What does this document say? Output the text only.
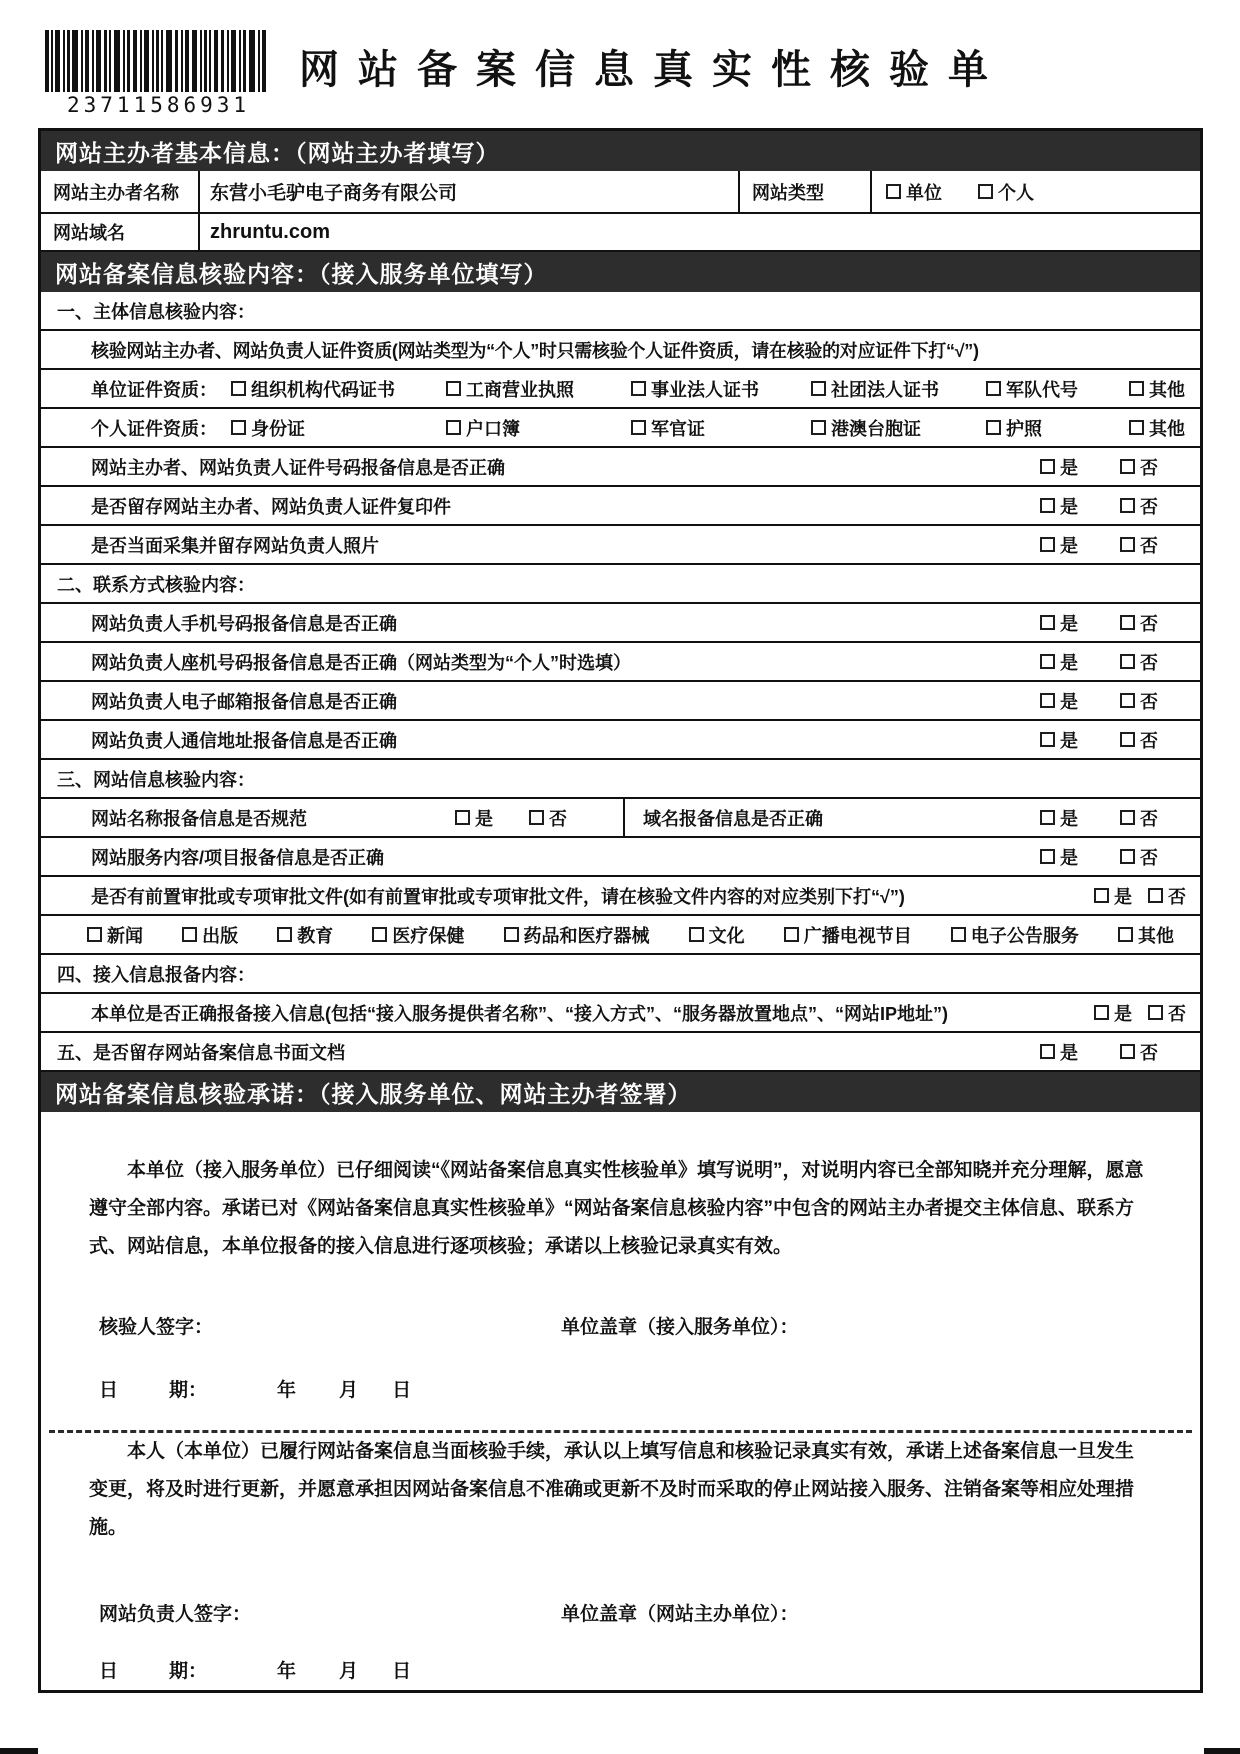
23711586931
网站备案信息真实性核验单
网站主办者基本信息：（网站主办者填写）
网站主办者名称	东营小毛驴电子商务有限公司	网站类型	单位	个人
网站域名	zhruntu.com
网站备案信息核验内容：（接入服务单位填写）
一、主体信息核验内容：
核验网站主办者、网站负责人证件资质(网站类型为“个人”时只需核验个人证件资质，请在核验的对应证件下打“√”)
单位证件资质：	组织机构代码证书	工商营业执照	事业法人证书	社团法人证书	军队代号	其他
个人证件资质：	身份证	户口簿	军官证	港澳台胞证	护照	其他
网站主办者、网站负责人证件号码报备信息是否正确	是	否
是否留存网站主办者、网站负责人证件复印件	是	否
是否当面采集并留存网站负责人照片	是	否
二、联系方式核验内容：
网站负责人手机号码报备信息是否正确	是	否
网站负责人座机号码报备信息是否正确（网站类型为“个人”时选填）	是	否
网站负责人电子邮箱报备信息是否正确	是	否
网站负责人通信地址报备信息是否正确	是	否
三、网站信息核验内容：
网站名称报备信息是否规范	是	否	域名报备信息是否正确	是	否
网站服务内容/项目报备信息是否正确	是	否
是否有前置审批或专项审批文件(如有前置审批或专项审批文件，请在核验文件内容的对应类别下打“√”)	是 否
新闻	出版	教育	医疗保健	药品和医疗器械	文化	广播电视节目	电子公告服务	其他
四、接入信息报备内容：
本单位是否正确报备接入信息(包括“接入服务提供者名称”、“接入方式”、“服务器放置地点”、“网站IP地址”)	是 否
五、是否留存网站备案信息书面文档	是	否
网站备案信息核验承诺：（接入服务单位、网站主办者签署）

本单位（接入服务单位）已仔细阅读“《网站备案信息真实性核验单》填写说明”，对说明内容已全部知晓并充分理解，愿意遵守全部内容。承诺已对《网站备案信息真实性核验单》“网站备案信息核验内容”中包含的网站主办者提交主体信息、联系方式、网站信息，本单位报备的接入信息进行逐项核验；承诺以上核验记录真实有效。

核验人签字：	单位盖章（接入服务单位）：
日	期：	年 月 日

本人（本单位）已履行网站备案信息当面核验手续，承认以上填写信息和核验记录真实有效，承诺上述备案信息一旦发生变更，将及时进行更新，并愿意承担因网站备案信息不准确或更新不及时而采取的停止网站接入服务、注销备案等相应处理措施。

网站负责人签字：	单位盖章（网站主办单位）：
日	期：	年 月 日
